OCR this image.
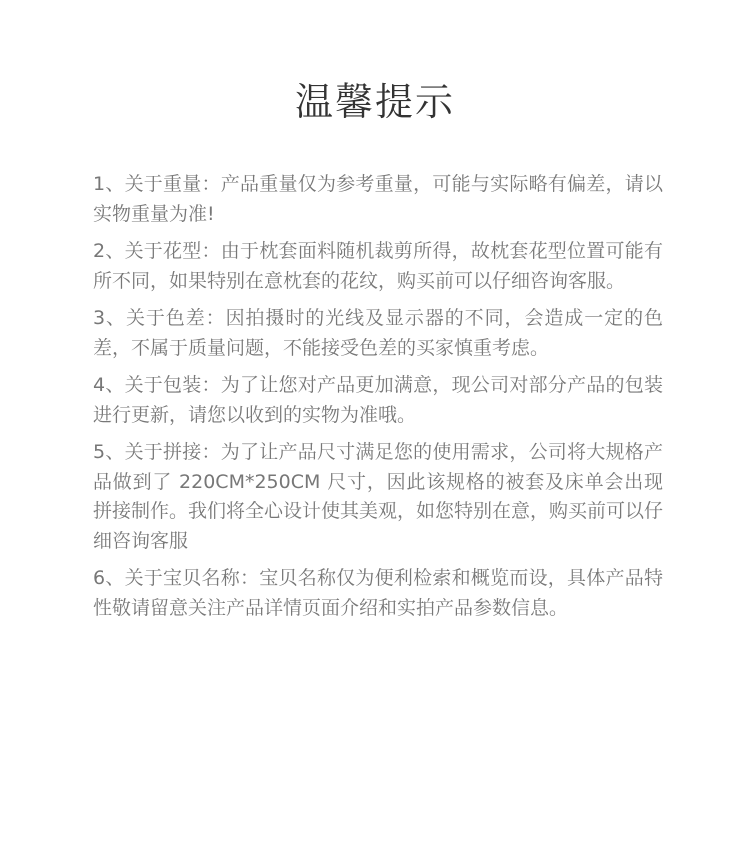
温馨提示

1、关于重量：产品重量仅为参考重量，可能与实际略有偏差，请以实物重量为准!

2、关于花型：由于枕套面料随机裁剪所得，故枕套花型位置可能有所不同，如果特别在意枕套的花纹，购买前可以仔细咨询客服。

3、关于色差：因拍摄时的光线及显示器的不同，会造成一定的色差，不属于质量问题，不能接受色差的买家慎重考虑。

4、关于包装：为了让您对产品更加满意，现公司对部分产品的包装进行更新，请您以收到的实物为准哦。

5、关于拼接：为了让产品尺寸满足您的使用需求，公司将大规格产品做到了 220CM*250CM 尺寸，因此该规格的被套及床单会出现拼接制作。我们将全心设计使其美观，如您特别在意，购买前可以仔细咨询客服

6、关于宝贝名称：宝贝名称仅为便利检索和概览而设，具体产品特性敬请留意关注产品详情页面介绍和实拍产品参数信息。
